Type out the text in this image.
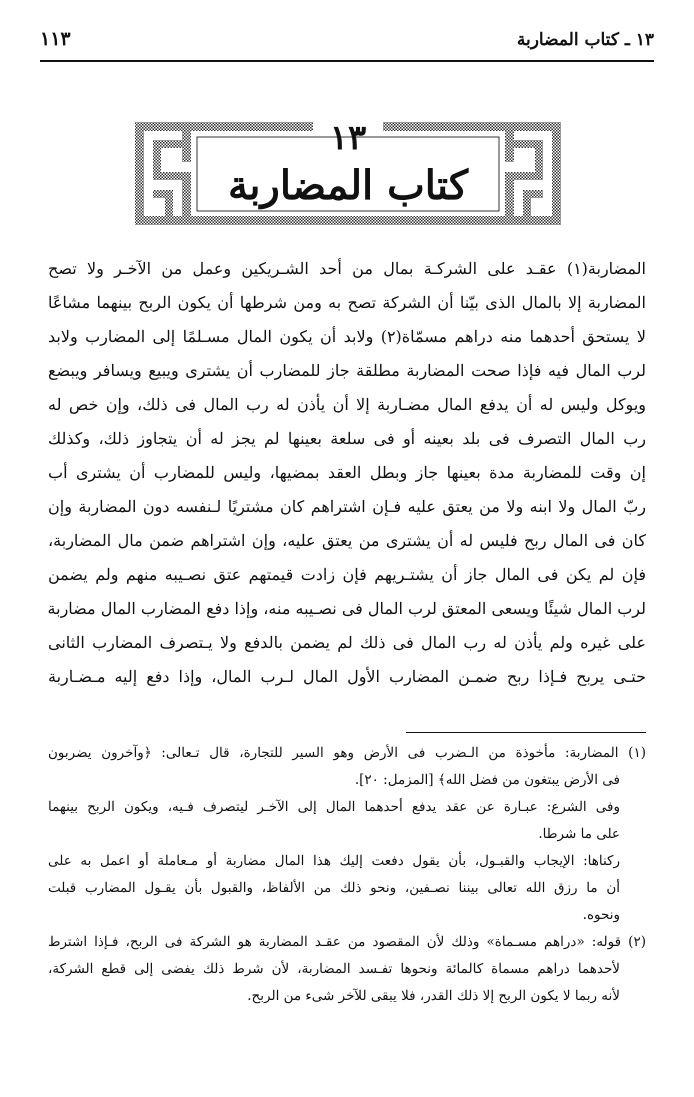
١٣ ـ كتاب المضاربة
١١٣
١٣
كتاب المضاربة
المضاربة(١) عقـد على الشركـة بمال من أحد الشـريكين وعمل من الآخـر ولا تصح
المضاربة إلا بالمال الذى بيّنا أن الشركة تصح به ومن شرطها أن يكون الربح بينهما مشاعًا
لا يستحق أحدهما منه دراهم مسمّاة(٢) ولابد أن يكون المال مسـلمًا إلى المضارب ولابد
لرب المال فيه فإذا صحت المضاربة مطلقة جاز للمضارب أن يشترى ويبيع ويسافر ويبضع
ويوكل وليس له أن يدفع المال مضـاربة إلا أن يأذن له رب المال فى ذلك، وإن خص له
رب المال التصرف فى بلد بعينه أو فى سلعة بعينها لم يجز له أن يتجاوز ذلك، وكذلك
إن وقت للمضاربة مدة بعينها جاز وبطل العقد بمضيها، وليس للمضارب أن يشترى أب
ربّ المال ولا ابنه ولا من يعتق عليه فـإن اشتراهم كان مشتريًا لـنفسه دون المضاربة وإن
كان فى المال ربح فليس له أن يشترى من يعتق عليه، وإن اشتراهم ضمن مال المضاربة،
فإن لم يكن فى المال جاز أن يشتـريهم فإن زادت قيمتهم عتق نصـيبه منهم ولم يضمن
لرب المال شيئًا ويسعى المعتق لرب المال فى نصـيبه منه، وإذا دفع المضارب المال مضاربة
على غيره ولم يأذن له رب المال فى ذلك لم يضمن بالدفع ولا يـتصرف المضارب الثانى
حتـى يربح فـإذا ربح ضمـن المضارب الأول المال لـرب المال، وإذا دفع إليه مـضـاربة
(١) المضاربة: مأخوذة من الـضرب فى الأرض وهو السير للتجارة، قال تـعالى: ﴿وآخرون يضربون
فى الأرض يبتغون من فضل الله﴾ [المزمل: ٢٠].
وفى الشرع: عبـارة عن عقد يدفع أحدهما المال إلى الآخـر ليتصرف فـيه، ويكون الربح بينهما
على ما شرطا.
ركناها: الإيجاب والقبـول، بأن يقول دفعت إليك هذا المال مضاربة أو مـعاملة أو اعمل به على
أن ما رزق الله تعالى بيننا نصـفين، ونحو ذلك من الألفاظ، والقبول بأن يقـول المضارب قبلت
ونحوه.
(٢) قوله: «دراهم مسـماة» وذلك لأن المقصود من عقـد المضاربة هو الشركة فى الربح، فـإذا اشترط
لأحدهما دراهم مسماة كالمائة ونحوها تفـسد المضاربة، لأن شرط ذلك يفضى إلى قطع الشركة،
لأنه ربما لا يكون الربح إلا ذلك القدر، فلا يبقى للآخر شىء من الربح.
